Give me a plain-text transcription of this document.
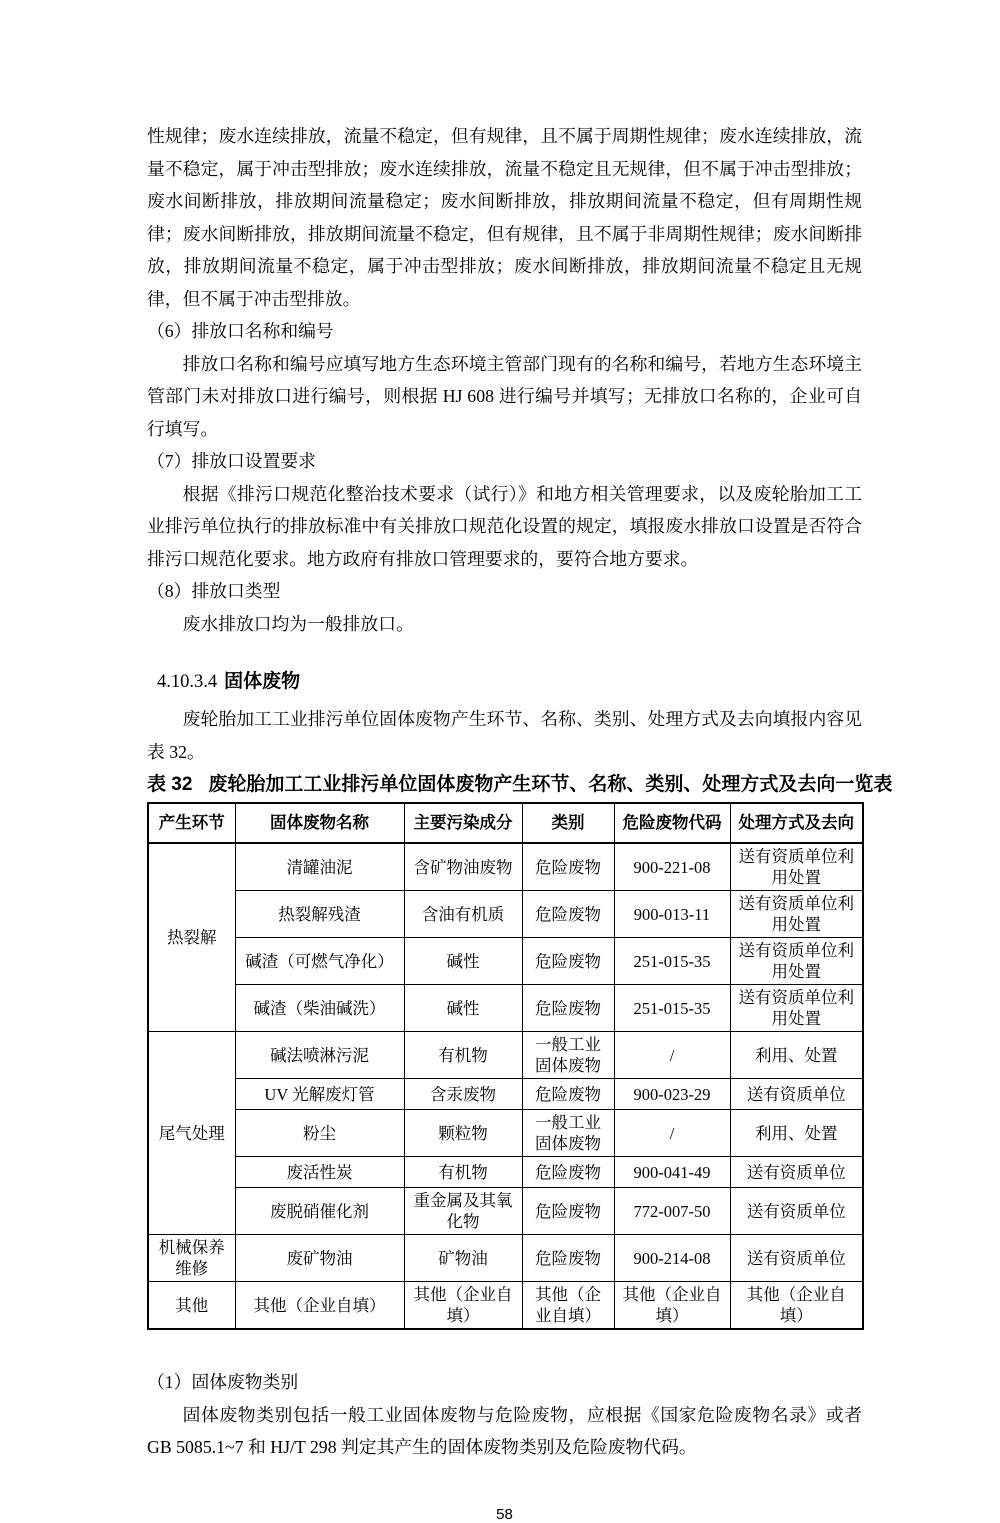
性规律；废水连续排放，流量不稳定，但有规律，且不属于周期性规律；废水连续排放，流量不稳定，属于冲击型排放；废水连续排放，流量不稳定且无规律，但不属于冲击型排放；废水间断排放，排放期间流量稳定；废水间断排放，排放期间流量不稳定，但有周期性规律；废水间断排放，排放期间流量不稳定，但有规律，且不属于非周期性规律；废水间断排放，排放期间流量不稳定，属于冲击型排放；废水间断排放，排放期间流量不稳定且无规律，但不属于冲击型排放。

（6）排放口名称和编号

排放口名称和编号应填写地方生态环境主管部门现有的名称和编号，若地方生态环境主管部门未对排放口进行编号，则根据 HJ 608 进行编号并填写；无排放口名称的，企业可自行填写。

（7）排放口设置要求

根据《排污口规范化整治技术要求（试行）》和地方相关管理要求，以及废轮胎加工工业排污单位执行的排放标准中有关排放口规范化设置的规定，填报废水排放口设置是否符合排污口规范化要求。地方政府有排放口管理要求的，要符合地方要求。

（8）排放口类型

废水排放口均为一般排放口。

4.10.3.4 固体废物

废轮胎加工工业排污单位固体废物产生环节、名称、类别、处理方式及去向填报内容见表 32。

表 32 废轮胎加工工业排污单位固体废物产生环节、名称、类别、处理方式及去向一览表
产生环节	固体废物名称	主要污染成分	类别	危险废物代码	处理方式及去向
热裂解	清罐油泥	含矿物油废物	危险废物	900-221-08	送有资质单位利用处置
	热裂解残渣	含油有机质	危险废物	900-013-11	送有资质单位利用处置
	碱渣（可燃气净化）	碱性	危险废物	251-015-35	送有资质单位利用处置
	碱渣（柴油碱洗）	碱性	危险废物	251-015-35	送有资质单位利用处置
尾气处理	碱法喷淋污泥	有机物	一般工业固体废物	/	利用、处置
	UV 光解废灯管	含汞废物	危险废物	900-023-29	送有资质单位
	粉尘	颗粒物	一般工业固体废物	/	利用、处置
	废活性炭	有机物	危险废物	900-041-49	送有资质单位
	废脱硝催化剂	重金属及其氧化物	危险废物	772-007-50	送有资质单位
机械保养维修	废矿物油	矿物油	危险废物	900-214-08	送有资质单位
其他	其他（企业自填）	其他（企业自填）	其他（企业自填）	其他（企业自填）	其他（企业自填）

（1）固体废物类别

固体废物类别包括一般工业固体废物与危险废物，应根据《国家危险废物名录》或者 GB 5085.1~7 和 HJ/T 298 判定其产生的固体废物类别及危险废物代码。

58
